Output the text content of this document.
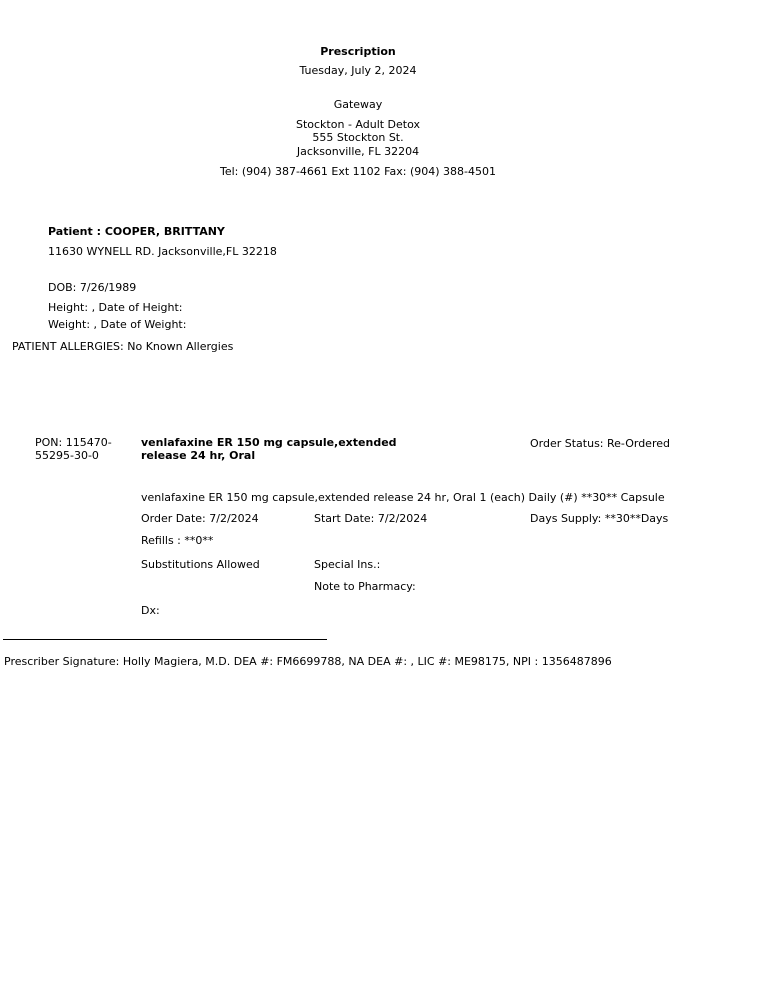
Prescription
Tuesday, July 2, 2024
Gateway
Stockton - Adult Detox
555 Stockton St.
Jacksonville, FL 32204
Tel: (904) 387-4661 Ext 1102 Fax: (904) 388-4501
Patient : COOPER, BRITTANY
11630 WYNELL RD. Jacksonville,FL 32218
DOB: 7/26/1989
Height: , Date of Height:
Weight: , Date of Weight:
PATIENT ALLERGIES: No Known Allergies
PON: 115470-
55295-30-0
venlafaxine ER 150 mg capsule,extended
release 24 hr, Oral
Order Status: Re-Ordered
venlafaxine ER 150 mg capsule,extended release 24 hr, Oral 1 (each) Daily (#) **30** Capsule
Order Date: 7/2/2024	Start Date: 7/2/2024	Days Supply: **30**Days
Refills : **0**
Substitutions Allowed	Special Ins.:
Note to Pharmacy:
Dx:
Prescriber Signature: Holly Magiera, M.D. DEA #: FM6699788, NA DEA #: , LIC #: ME98175, NPI : 1356487896
